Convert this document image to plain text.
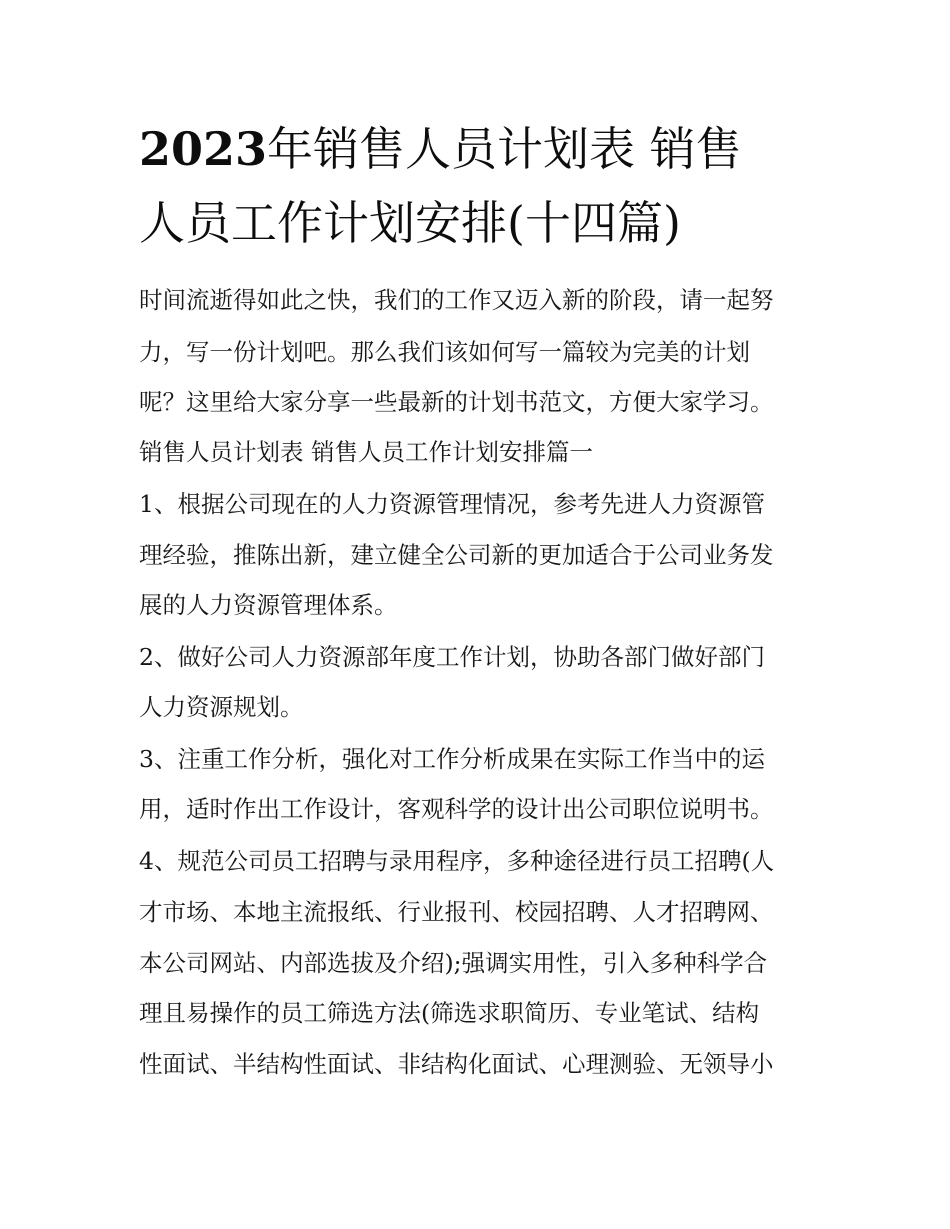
2023年销售人员计划表 销售
人员工作计划安排(十四篇)

时间流逝得如此之快，我们的工作又迈入新的阶段，请一起努

力，写一份计划吧。那么我们该如何写一篇较为完美的计划

呢？这里给大家分享一些最新的计划书范文，方便大家学习。

销售人员计划表 销售人员工作计划安排篇一

1、根据公司现在的人力资源管理情况，参考先进人力资源管

理经验，推陈出新，建立健全公司新的更加适合于公司业务发

展的人力资源管理体系。

2、做好公司人力资源部年度工作计划，协助各部门做好部门

人力资源规划。

3、注重工作分析，强化对工作分析成果在实际工作当中的运

用，适时作出工作设计，客观科学的设计出公司职位说明书。

4、规范公司员工招聘与录用程序，多种途径进行员工招聘(人

才市场、本地主流报纸、行业报刊、校园招聘、人才招聘网、

本公司网站、内部选拔及介绍);强调实用性，引入多种科学合

理且易操作的员工筛选方法(筛选求职简历、专业笔试、结构

性面试、半结构性面试、非结构化面试、心理测验、无领导小
